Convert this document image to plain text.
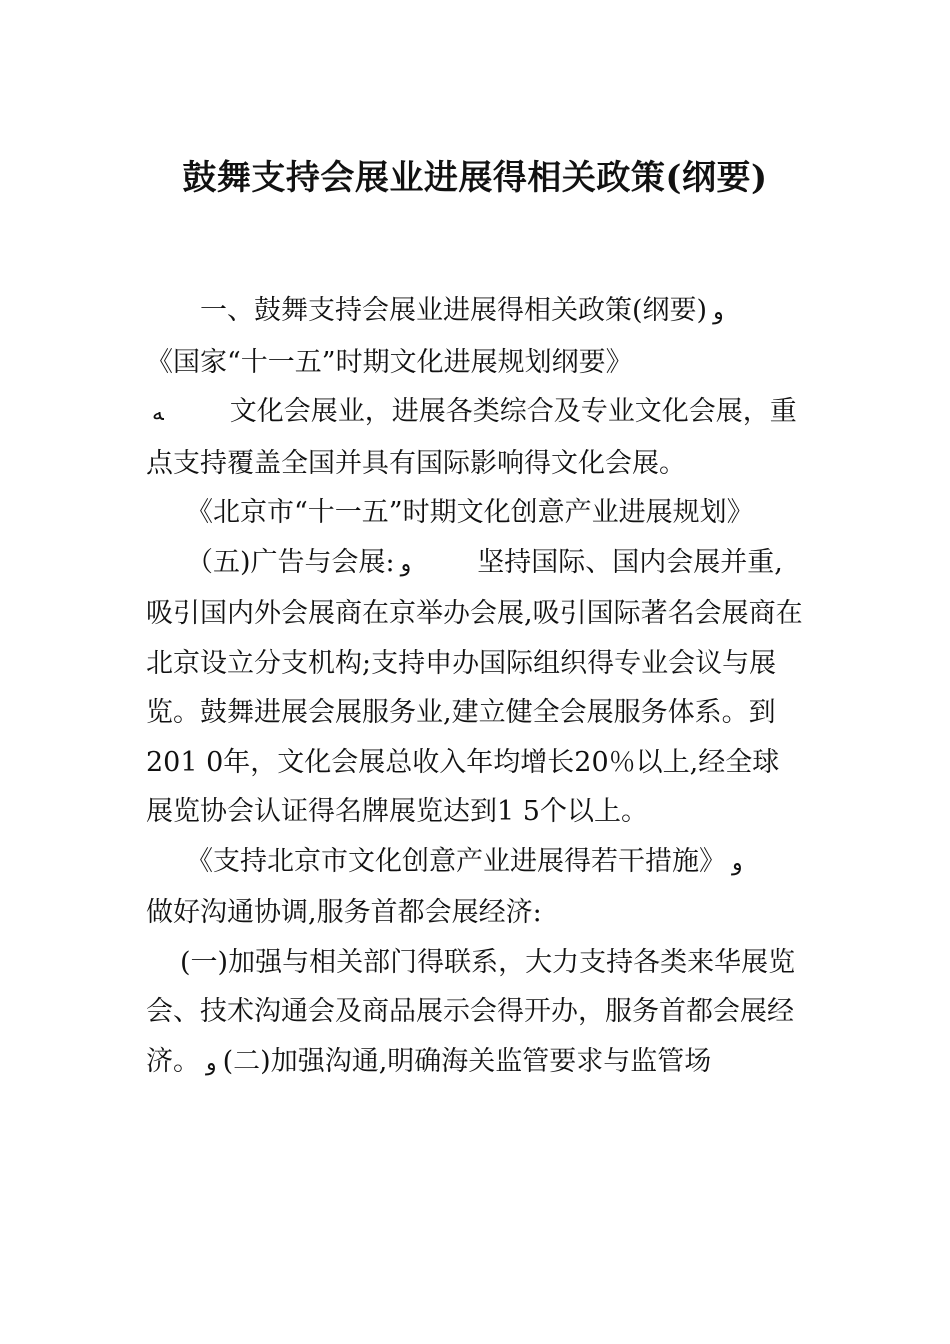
鼓舞支持会展业进展得相关政策(纲要)

一、鼓舞支持会展业进展得相关政策(纲要) و

《国家“十一五”时期文化进展规划纲要》

ﻪ 文化会展业，进展各类综合及专业文化会展，重点支持覆盖全国并具有国际影响得文化会展。

《北京市“十一五”时期文化创意产业进展规划》

（五)广告与会展: و 坚持国际、国内会展并重,吸引国内外会展商在京举办会展,吸引国际著名会展商在北京设立分支机构;支持申办国际组织得专业会议与展览。鼓舞进展会展服务业,建立健全会展服务体系。到201 0年，文化会展总收入年均增长20％以上,经全球展览协会认证得名牌展览达到1 5个以上。

《支持北京市文化创意产业进展得若干措施》 و

做好沟通协调,服务首都会展经济:

(一)加强与相关部门得联系，大力支持各类来华展览会、技术沟通会及商品展示会得开办，服务首都会展经济。 و (二)加强沟通,明确海关监管要求与监管场
